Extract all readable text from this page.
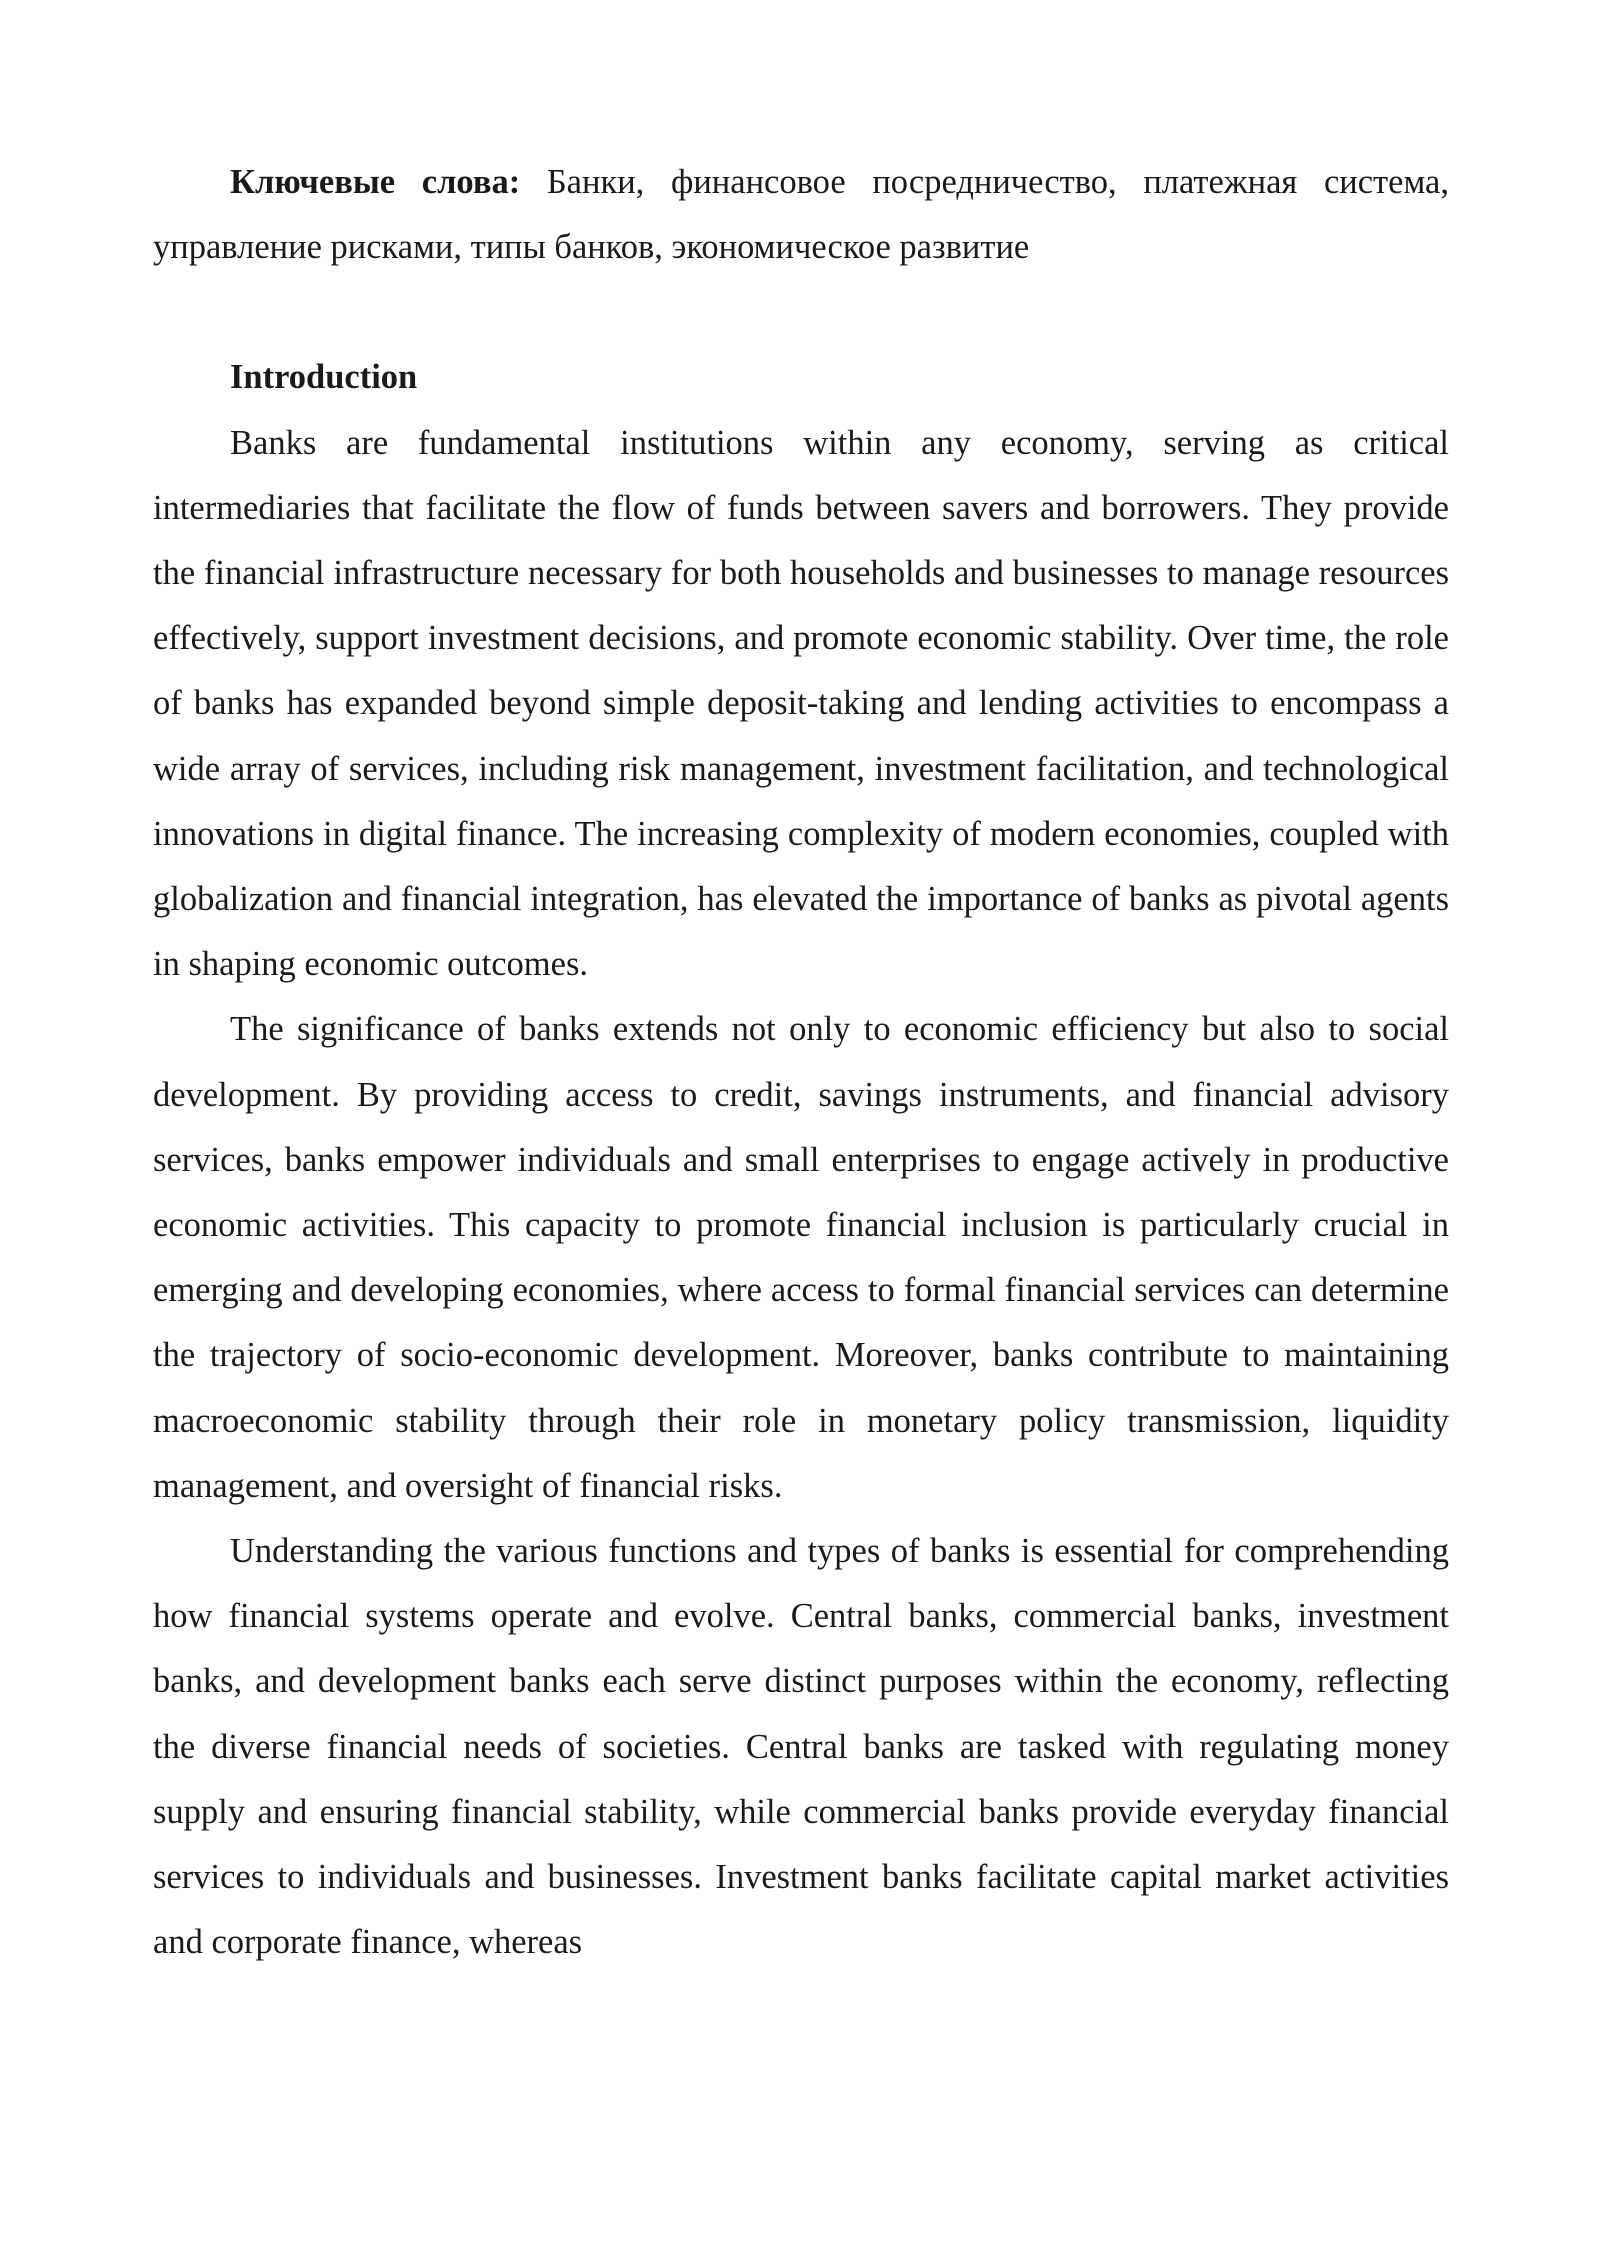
Ключевые слова: Банки, финансовое посредничество, платежная система, управление рисками, типы банков, экономическое развитие

Introduction

Banks are fundamental institutions within any economy, serving as critical intermediaries that facilitate the flow of funds between savers and borrowers. They provide the financial infrastructure necessary for both households and businesses to manage resources effectively, support investment decisions, and promote economic stability. Over time, the role of banks has expanded beyond simple deposit-taking and lending activities to encompass a wide array of services, including risk management, investment facilitation, and technological innovations in digital finance. The increasing complexity of modern economies, coupled with globalization and financial integration, has elevated the importance of banks as pivotal agents in shaping economic outcomes.

The significance of banks extends not only to economic efficiency but also to social development. By providing access to credit, savings instruments, and financial advisory services, banks empower individuals and small enterprises to engage actively in productive economic activities. This capacity to promote financial inclusion is particularly crucial in emerging and developing economies, where access to formal financial services can determine the trajectory of socio-economic development. Moreover, banks contribute to maintaining macroeconomic stability through their role in monetary policy transmission, liquidity management, and oversight of financial risks.

Understanding the various functions and types of banks is essential for comprehending how financial systems operate and evolve. Central banks, commercial banks, investment banks, and development banks each serve distinct purposes within the economy, reflecting the diverse financial needs of societies. Central banks are tasked with regulating money supply and ensuring financial stability, while commercial banks provide everyday financial services to individuals and businesses. Investment banks facilitate capital market activities and corporate finance, whereas
